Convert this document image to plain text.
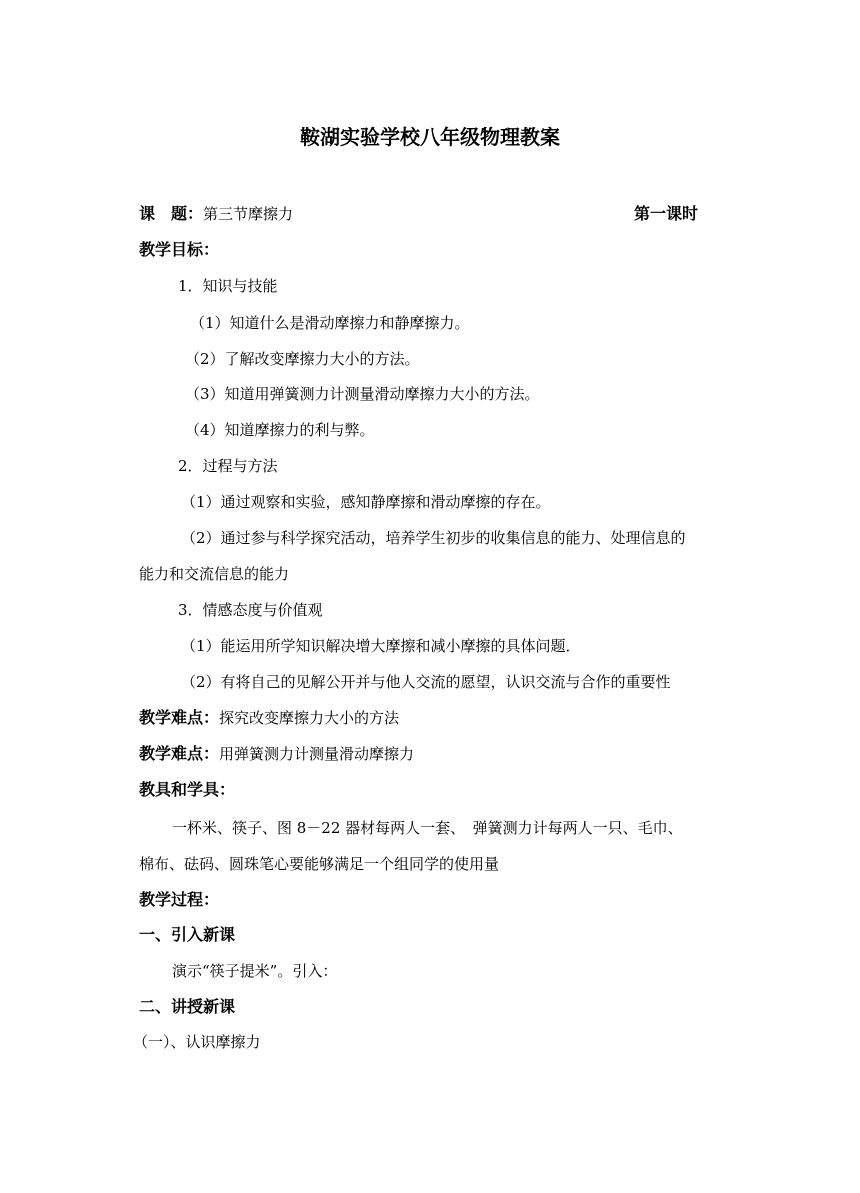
鞍湖实验学校八年级物理教案
课　题：第三节摩擦力	第一课时
教学目标：
1．知识与技能
（1）知道什么是滑动摩擦力和静摩擦力。
（2）了解改变摩擦力大小的方法。
（3）知道用弹簧测力计测量滑动摩擦力大小的方法。
（4）知道摩擦力的利与弊。
2．过程与方法
（1）通过观察和实验，感知静摩擦和滑动摩擦的存在。
（2）通过参与科学探究活动，培养学生初步的收集信息的能力、处理信息的
能力和交流信息的能力
3．情感态度与价值观
（1）能运用所学知识解决增大摩擦和减小摩擦的具体问题．
（2）有将自己的见解公开并与他人交流的愿望，认识交流与合作的重要性
教学难点：探究改变摩擦力大小的方法
教学难点：用弹簧测力计测量滑动摩擦力
教具和学具：
一杯米、筷子、图 8－22 器材每两人一套、　弹簧测力计每两人一只、毛巾、
棉布、砝码、圆珠笔心要能够满足一个组同学的使用量
教学过程：
一、引入新课
演示“筷子提米”。引入：
二、讲授新课
（一）、认识摩擦力
